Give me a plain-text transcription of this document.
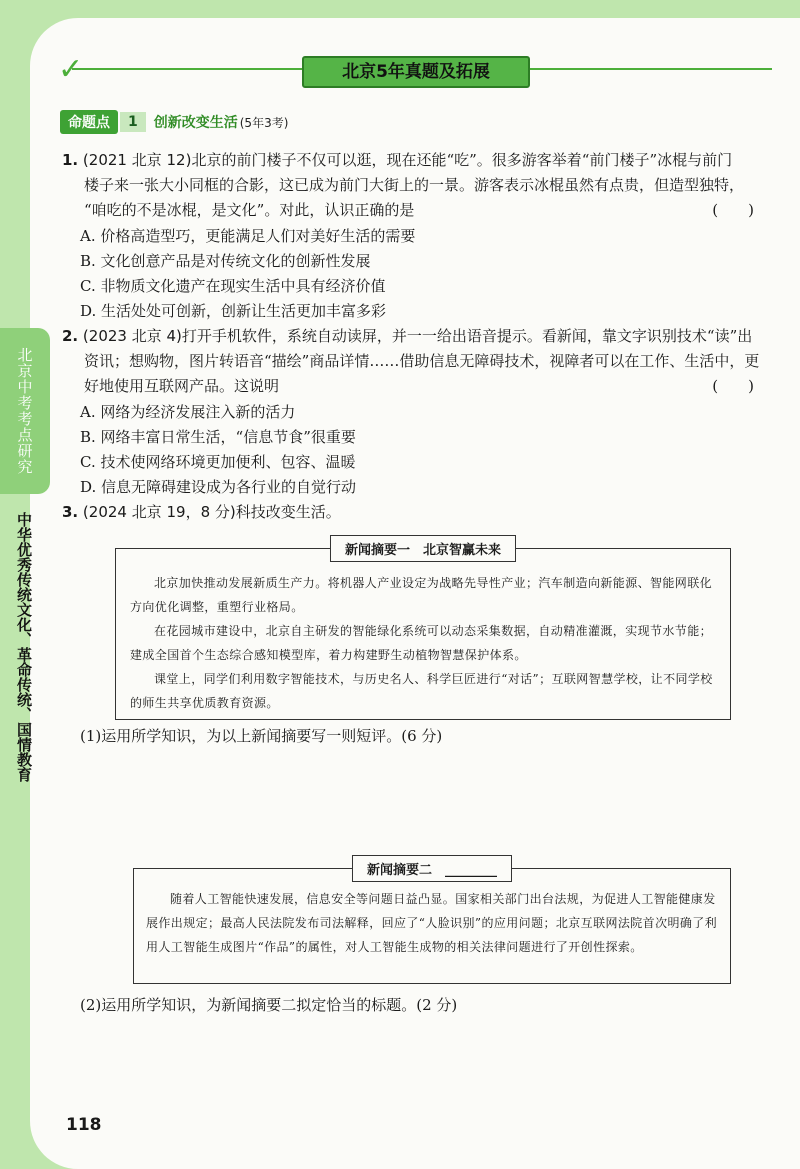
✓	北京5年真题及拓展
命题点	1	创新改变生活 (5年3考)
北京中考考点研究
中华优秀传统文化、革命传统、国情教育
1. (2021 北京 12)北京的前门楼子不仅可以逛，现在还能“吃”。很多游客举着“前门楼子”冰棍与前门
楼子来一张大小同框的合影，这已成为前门大街上的一景。游客表示冰棍虽然有点贵，但造型独特，
“咱吃的不是冰棍，是文化”。对此，认识正确的是	(　　)
A. 价格高造型巧，更能满足人们对美好生活的需要
B. 文化创意产品是对传统文化的创新性发展
C. 非物质文化遗产在现实生活中具有经济价值
D. 生活处处可创新，创新让生活更加丰富多彩
2. (2023 北京 4)打开手机软件，系统自动读屏，并一一给出语音提示。看新闻，靠文字识别技术“读”出
资讯；想购物，图片转语音“描绘”商品详情……借助信息无障碍技术，视障者可以在工作、生活中，更
好地使用互联网产品。这说明	(　　)
A. 网络为经济发展注入新的活力
B. 网络丰富日常生活，“信息节食”很重要
C. 技术使网络环境更加便利、包容、温暖
D. 信息无障碍建设成为各行业的自觉行动
3. (2024 北京 19，8 分)科技改变生活。
新闻摘要一　北京智赢未来

北京加快推动发展新质生产力。将机器人产业设定为战略先导性产业；汽车制造向新能源、智能网联化方向优化调整，重塑行业格局。

在花园城市建设中，北京自主研发的智能绿化系统可以动态采集数据，自动精准灌溉，实现节水节能；建成全国首个生态综合感知模型库，着力构建野生动植物智慧保护体系。

课堂上，同学们利用数字智能技术，与历史名人、科学巨匠进行“对话”；互联网智慧学校，让不同学校的师生共享优质教育资源。

(1)运用所学知识，为以上新闻摘要写一则短评。(6 分)
新闻摘要二　________

随着人工智能快速发展，信息安全等问题日益凸显。国家相关部门出台法规，为促进人工智能健康发展作出规定；最高人民法院发布司法解释，回应了“人脸识别”的应用问题；北京互联网法院首次明确了利用人工智能生成图片“作品”的属性，对人工智能生成物的相关法律问题进行了开创性探索。

(2)运用所学知识，为新闻摘要二拟定恰当的标题。(2 分)
118
